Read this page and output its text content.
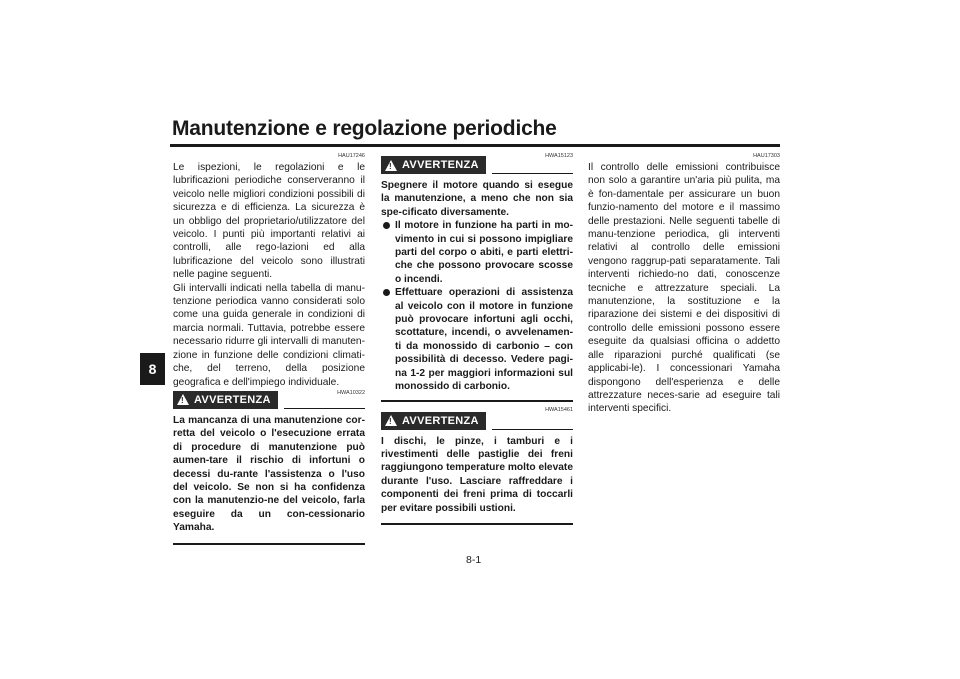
Manutenzione e regolazione periodiche
8
HAU17246

Le ispezioni, le regolazioni e le lubrificazioni periodiche conserveranno il veicolo nelle migliori condizioni possibili di sicurezza e di efficienza. La sicurezza è un obbligo del proprietario/utilizzatore del veicolo. I punti più importanti relativi ai controlli, alle rego-lazioni ed alla lubrificazione del veicolo sono illustrati nelle pagine seguenti.

Gli intervalli indicati nella tabella di manu-tenzione periodica vanno considerati solo come una guida generale in condizioni di marcia normali. Tuttavia, potrebbe essere necessario ridurre gli intervalli di manuten-zione in funzione delle condizioni climati-che, del terreno, della posizione geografica e dell'impiego individuale.

HWA10322
! AVVERTENZA

La mancanza di una manutenzione cor-retta del veicolo o l'esecuzione errata di procedure di manutenzione può aumen-tare il rischio di infortuni o decessi du-rante l'assistenza o l'uso del veicolo. Se non si ha confidenza con la manutenzio-ne del veicolo, farla eseguire da un con-cessionario Yamaha.

HWA15123
! AVVERTENZA

Spegnere il motore quando si esegue la manutenzione, a meno che non sia spe-cificato diversamente.

Il motore in funzione ha parti in mo-vimento in cui si possono impigliare parti del corpo o abiti, e parti elettri-che che possono provocare scosse o incendi.
Effettuare operazioni di assistenza al veicolo con il motore in funzione può provocare infortuni agli occhi, scottature, incendi, o avvelenamen-ti da monossido di carbonio – con possibilità di decesso. Vedere pagi-na 1-2 per maggiori informazioni sul monossido di carbonio.
HWA15461
! AVVERTENZA

I dischi, le pinze, i tamburi e i rivestimenti delle pastiglie dei freni raggiungono temperature molto elevate durante l'uso. Lasciare raffreddare i componenti dei freni prima di toccarli per evitare possibili ustioni.

HAU17303

Il controllo delle emissioni contribuisce non solo a garantire un'aria più pulita, ma è fon-damentale per assicurare un buon funzio-namento del motore e il massimo delle prestazioni. Nelle seguenti tabelle di manu-tenzione periodica, gli interventi relativi al controllo delle emissioni vengono raggrup-pati separatamente. Tali interventi richiedo-no dati, conoscenze tecniche e attrezzature speciali. La manutenzione, la sostituzione e la riparazione dei sistemi e dei dispositivi di controllo delle emissioni possono essere eseguite da qualsiasi officina o addetto alle riparazioni purché qualificati (se applicabi-le). I concessionari Yamaha dispongono dell'esperienza e delle attrezzature neces-sarie ad eseguire tali interventi specifici.

8-1
